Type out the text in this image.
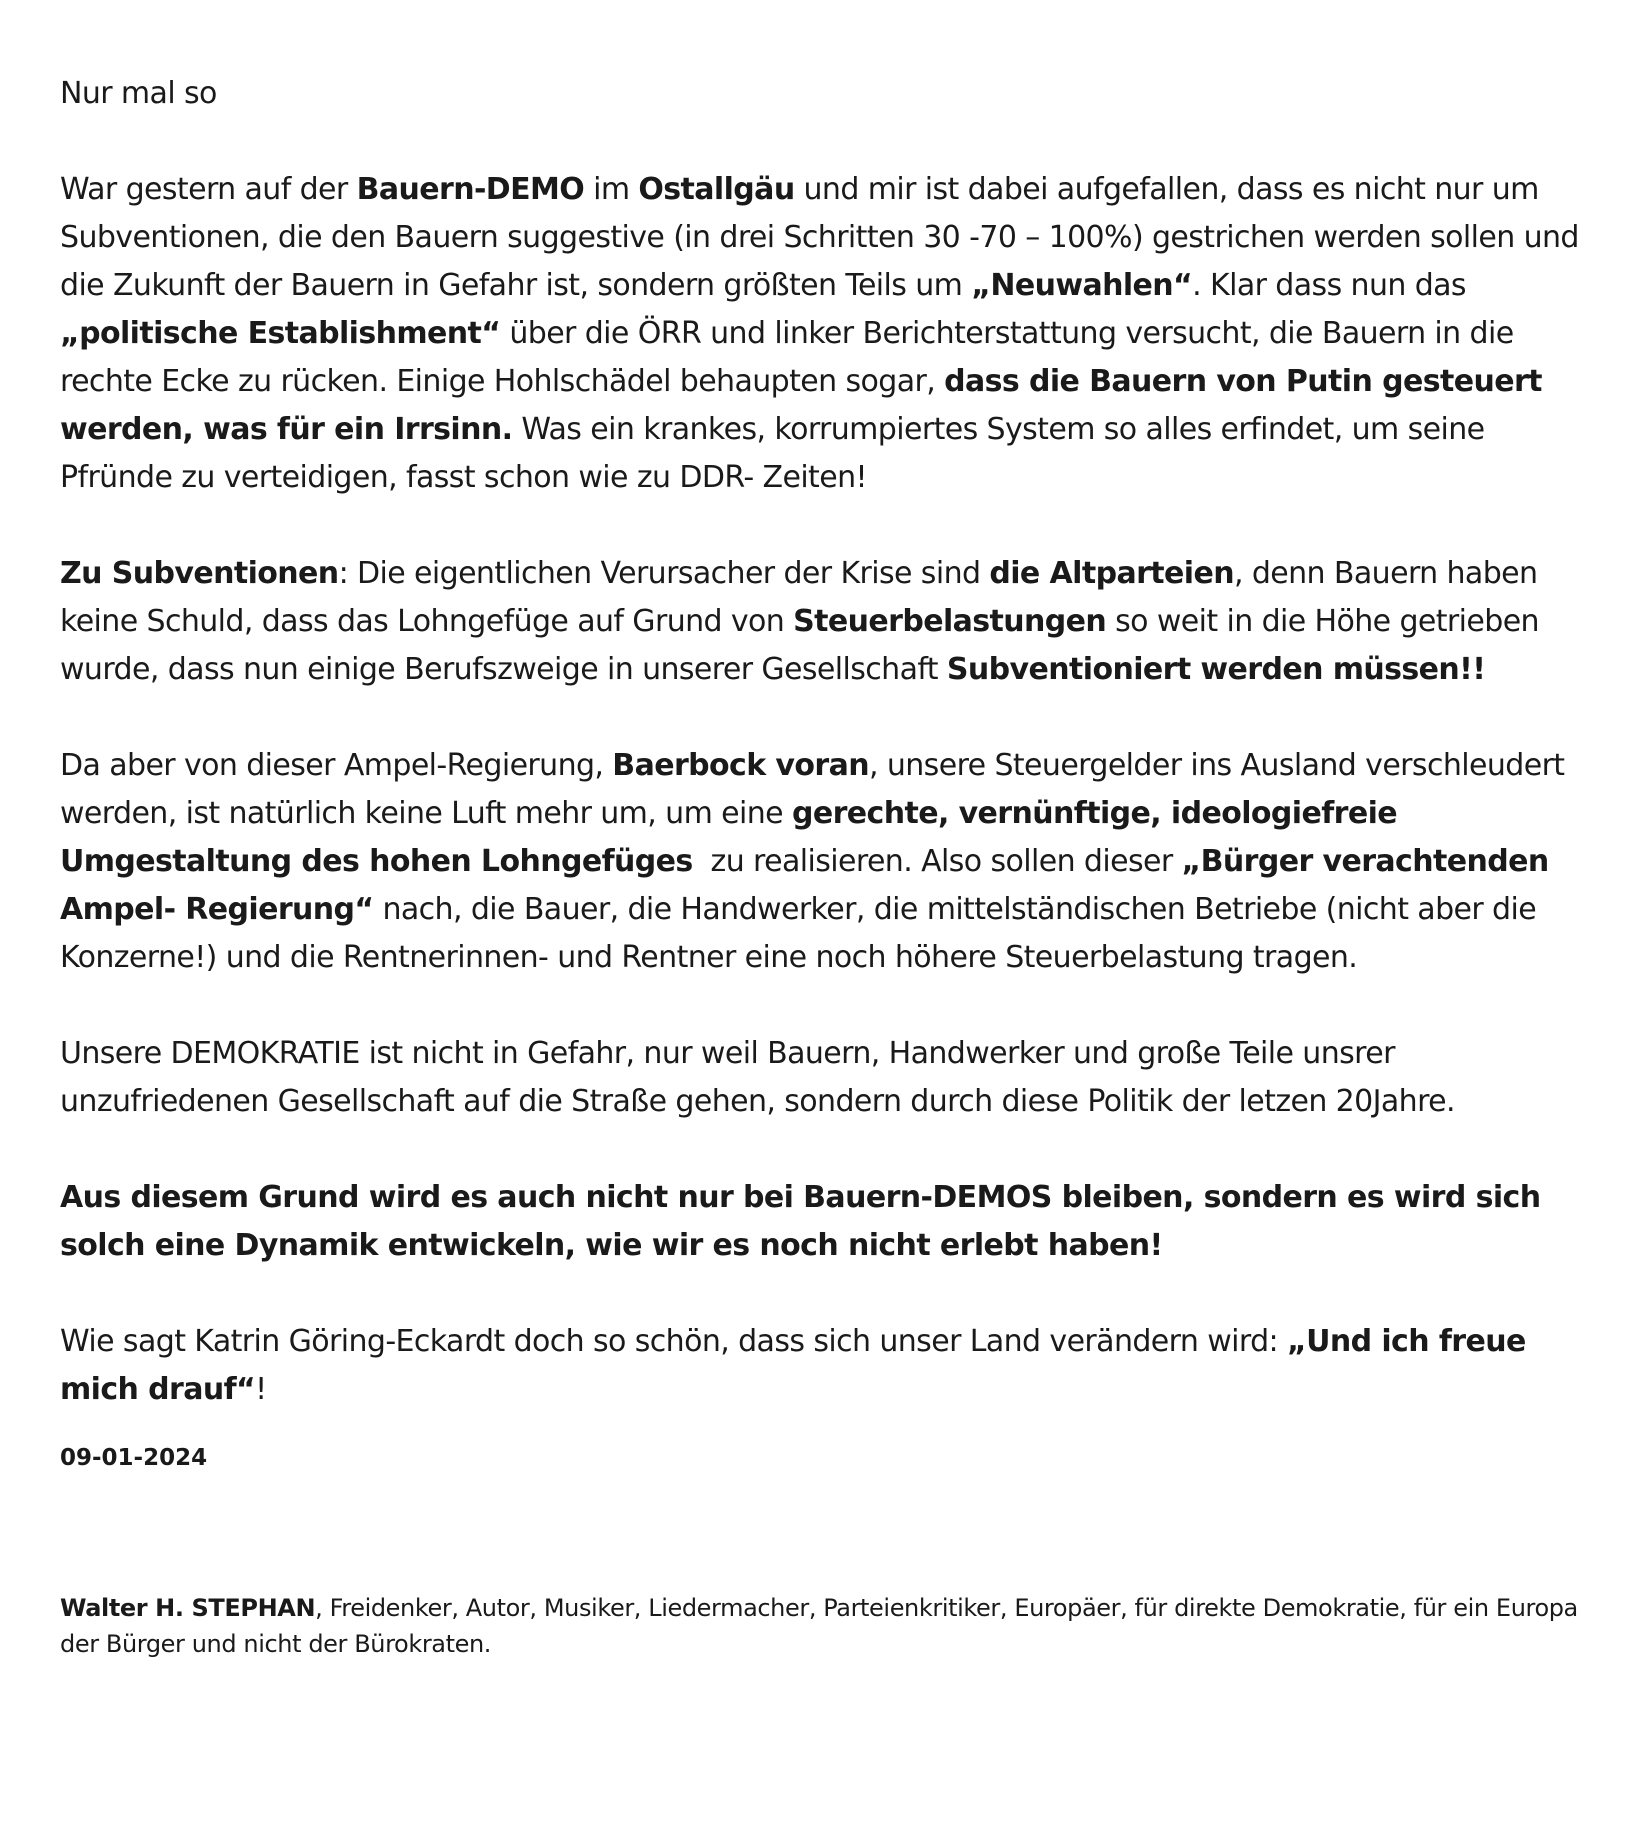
Nur mal so

War gestern auf der Bauern-DEMO im Ostallgäu und mir ist dabei aufgefallen, dass es nicht nur um Subventionen, die den Bauern suggestive (in drei Schritten 30 -70 – 100%) gestrichen werden sollen und die Zukunft der Bauern in Gefahr ist, sondern größten Teils um „Neuwahlen“. Klar dass nun das „politische Establishment“ über die ÖRR und linker Berichterstattung versucht, die Bauern in die rechte Ecke zu rücken. Einige Hohlschädel behaupten sogar, dass die Bauern von Putin gesteuert werden, was für ein Irrsinn. Was ein krankes, korrumpiertes System so alles erfindet, um seine Pfründe zu verteidigen, fasst schon wie zu DDR- Zeiten!

Zu Subventionen: Die eigentlichen Verursacher der Krise sind die Altparteien, denn Bauern haben keine Schuld, dass das Lohngefüge auf Grund von Steuerbelastungen so weit in die Höhe getrieben wurde, dass nun einige Berufszweige in unserer Gesellschaft Subventioniert werden müssen!!

Da aber von dieser Ampel-Regierung, Baerbock voran, unsere Steuergelder ins Ausland verschleudert werden, ist natürlich keine Luft mehr um, um eine gerechte, vernünftige, ideologiefreie Umgestaltung des hohen Lohngefüges  zu realisieren. Also sollen dieser „Bürger verachtenden Ampel- Regierung“ nach, die Bauer, die Handwerker, die mittelständischen Betriebe (nicht aber die Konzerne!) und die Rentnerinnen- und Rentner eine noch höhere Steuerbelastung tragen.

Unsere DEMOKRATIE ist nicht in Gefahr, nur weil Bauern, Handwerker und große Teile unsrer unzufriedenen Gesellschaft auf die Straße gehen, sondern durch diese Politik der letzen 20Jahre.

Aus diesem Grund wird es auch nicht nur bei Bauern-DEMOS bleiben, sondern es wird sich solch eine Dynamik entwickeln, wie wir es noch nicht erlebt haben!

Wie sagt Katrin Göring-Eckardt doch so schön, dass sich unser Land verändern wird: „Und ich freue mich drauf“!

09-01-2024

Walter H. STEPHAN, Freidenker, Autor, Musiker, Liedermacher, Parteienkritiker, Europäer, für direkte Demokratie, für ein Europa der Bürger und nicht der Bürokraten.
